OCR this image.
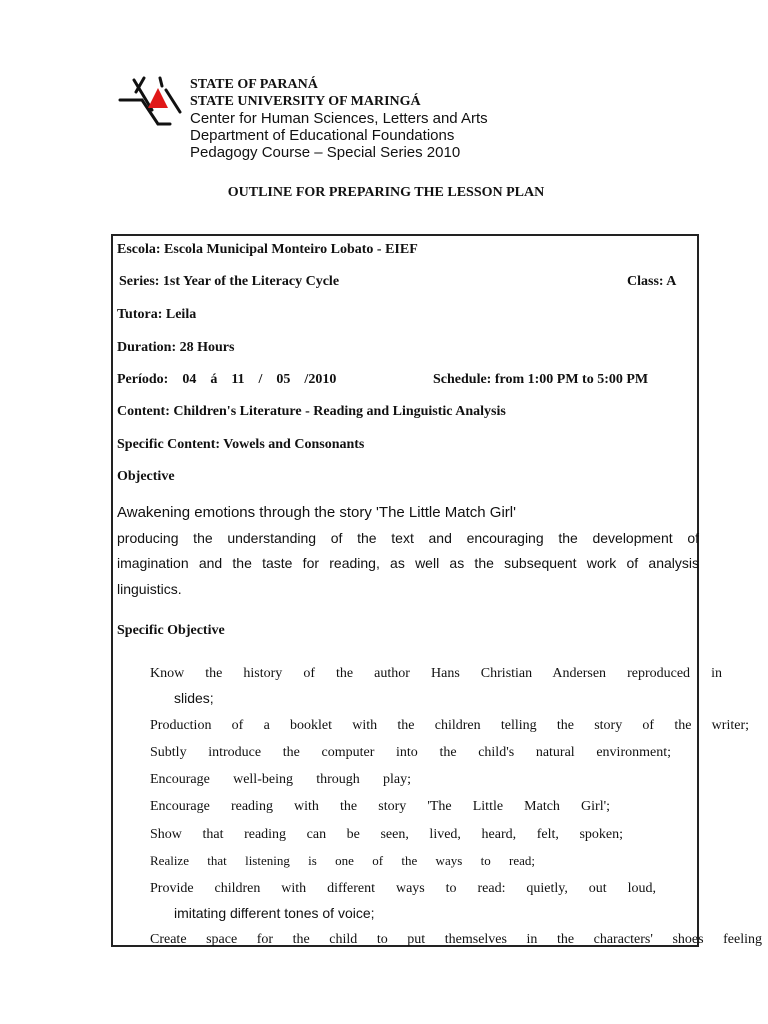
STATE OF PARANÁ
STATE UNIVERSITY OF MARINGÁ
Center for Human Sciences, Letters and Arts
Department of Educational Foundations
Pedagogy Course – Special Series 2010
OUTLINE FOR PREPARING THE LESSON PLAN
Escola: Escola Municipal Monteiro Lobato - EIEF
Series: 1st Year of the Literacy Cycle	Class: A
Tutora: Leila
Duration: 28 Hours
Período:    04    á    11    /    05    /2010	Schedule: from 1:00 PM to 5:00 PM
Content: Children's Literature - Reading and Linguistic Analysis
Specific Content: Vowels and Consonants
Objective
Awakening emotions through the story 'The Little Match Girl'
producing the understanding of the text and encouraging the development of
imagination and the taste for reading, as well as the subsequent work of analysis
linguistics.
Specific Objective
Know the history of the author Hans Christian Andersen reproduced in
slides;
Production of a booklet with the children telling the story of the writer;
Subtly introduce the computer into the child's natural environment;
Encourage well-being through play;
Encourage reading with the story 'The Little Match Girl';
Show that reading can be seen, lived, heard, felt, spoken;
Realize that listening is one of the ways to read;
Provide children with different ways to read: quietly, out loud,
imitating different tones of voice;
Create space for the child to put themselves in the characters' shoes feeling
